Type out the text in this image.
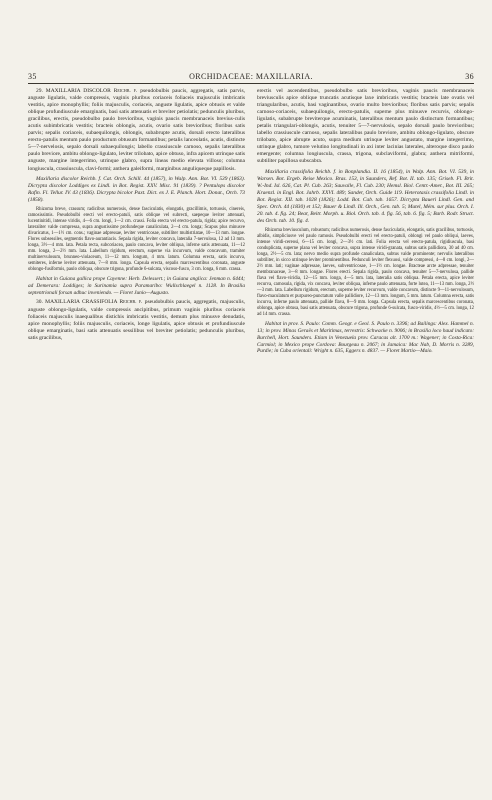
35	ORCHIDACEAE: MAXILLARIA.	36

29. MAXILLARIA DISCOLOR Reichb. f. pseudobulbis paucis, aggregatis, satis parvis, anguste ligulatis, valde compressis, vaginis pluribus coriaceis foliaceis majusculis imbricatis vestitis, apice monophyllis; foliis majusculis, coriaceis, anguste ligulatis, apice obtusis et valde oblique profundiuscule emarginatis, basi satis attenuatis et breviter petiolatis; pedunculis pluribus, gracilibus, erectis, pseudobulbo paulo brevioribus, vaginis paucis membranaceis brevius-culis acutis subimbricatis vestitis; bracteis oblongis, acutis, ovario satis brevioribus; floribus satis parvis; sepalis coriaceis, subaequilongis, oblongis, subabrupte acutis, dorsali erecto lateralibus erecto-patulis mentum paulo productum obtusum formantibus; petalis lanceolatis, acutis, distincte 5—7-nervelosis, sepalo dorsali subaequilongis; labello crassiuscule carnoso, sepalis lateralibus paulo breviore, ambitu oblongo-ligulato, leviter trilobato, apice obtuso, infra apicem utrinque satis anguste, margine integerrimo, utrinque glabro, supra lineas medio elevata villoso; columna longiuscula, crassiuscula, clavi-formi; anthera galeiformi, marginibus anguliqueque papillosis.

Maxillaria discolor Reichb. f. Cat. Orch. Schill. 44 (1857), in Walp. Ann. Bot. VI. 539 (1863). Dicrypta discolor Loddiges ex Lindl. in Bot. Regist. XXV. Misc. 91 (1839). ? Pentulops discolor Rafin. Fl. Tellur. IV. 43 (1836). Dicrypta bicolor Paxt. Dict. ex J. E. Planch. Hort. Donat., Orch. 73 (1858).

Rhizoma breve, crassum; radicibus numerosis, dense fasciculatis, elongatis, gracillimis, tortuosis, cinereis, ramosissimis. Pseudobulbi erecti vel erecto-patuli, satis oblique vel subrecti, saepeque leviter attenuati, lucentinitidi, intense viridis, 4—6 cm. longi, 1—2 cm. crassi. Folia erecta vel erecto-patula, rigida; apice recurvo, lateraliter valde compressa, supra angustissime profundeque canaliculata, 2—4 cm. longa; Scapus plus minusve divaricatus, 1—1½ cm. cons.; vaginae adpressae, leviter ventricosae, subtiliter multistriatae, 10—13 mm. longae. Flores subsessiles, segmentis flavo-aurantiacis. Sepala rigida, leviter concava, lateralia 7-nervulosa, 12 ad 13 mm. longa, 3½—4 mm. lata. Petala recta, subcoriacea, paulo concava, leviter obliqua, inferne satis attenuata, 11—12 mm. longa, 2—2½ mm. lata. Labellum rigidum, erectum, superne via incurvum, valde concavum, tramiter multinervulosum, brunneo-violaceum, 11—12 mm. longum, 4 mm. latum. Columna erecta, satis incurva, semiteres, inferne leviter attenuata, 7—8 mm. longa. Capsula erecta, sepalis marcescentibus coronata, anguste oblongo-fusiformis, paulo obliqua, obscure trigona, profunde 6-sulcata, viscoso-fusco, 3 cm. longa, 6 mm. crassa.

Habitat in Guiana gallica prope Cayenne: Herb. Delessert.; in Guiana anglica: Jenman n. 6444; ad Demerara: Loddiges; in Surinamia supra Paramaribo: Wullschlaegel n. 1128. In Brasilia septentrionali forsan adhuc inveniendo. — Floret Junio—Augusto.

30. MAXILLARIA CRASSIFOLIA Reichb. f. pseudobulbis paucis, aggregatis, majusculis, anguste oblongo-ligulatis, valde compressis ancipitibus, primum vaginis pluribus coriaceis foliaceis majusculis inaequalibus distichis imbricatis vestitis, demum plus minusve denudatis, apice monophyllis; foliis majusculis, coriaceis, longe ligulatis, apice obtusis et profundiuscule oblique emarginatis, basi satis attenuatis sessilibus vel breviter petiolatis; pedunculis pluribus, satis gracilibus,

erectis vel ascendentibus, pseudobulbo satis brevioribus, vaginis paucis membranaceis breviusculis apice oblique truncatis acutisque laxe imbricatis vestitis; bracteis late ovatis vel triangularibus, acutis, basi vaginantibus, ovario multo brevioribus; floribus satis parvis; sepalis carnoso-coriaceis, subaequilongis, erecto-patulis, superne plus minusve recurvis, oblongo-ligulatis, subabrupte breviterque acuminatis, lateralibus mentum paulo distinctum formantibus; petalis triangulari-oblongis, acutis, tenuiter 5—7-nervulosis, sepalo dorsali paulo brevioribus; labello crassiuscule carnoso, sepalis lateralibus paulo breviore, ambitu oblongo-ligulato, obscure trilobato, apice abrupte acuto, supra medium utrinque leviter angustato, margine integerrimo, utrinque glabro, tumore velutino longitudinali in axi inter lacinias laterales, alteroque disco paulo emergente; columna longiuscula, crassa, trigona, subclaviformi, glabra; anthera mitriformi, subtiliter papillosa subscabra.

Maxillaria crassifolia Reichb. f. in Bonplandia. II. 16 (1854), in Walp. Ann. Bot. VI. 539, in Warsen. Bot. Ergeb. Reise Mexico. Bras. 153, in Saunders, Ref. Bot. II. tab. 135; Griseb. Fl. Brit. W.-Ind. Isl. 626, Cat. Pl. Cub. 263; Sauvalle, Fl. Cub. 230; Hemsl. Biol. Centr.-Amer., Bot. III. 265; Kraenzl. in Engl. Bot. Jahrb. XXVI. 489; Sander, Orch. Guide 119. Heterotaxis crassifolia Lindl. in Bot. Regist. XII. tab. 1028 (1826); Lodd. Bot. Cab. tab. 1657. Dicrypta Baueri Lindl. Gen. and Spec. Orch. 44 (1830) et 152; Bauer & Lindl. Ill. Orch., Gen. tab. 5; Mutel, Mém. sur plus. Orch. I. 20. tab. 4. fig. 24; Bear, Beitr. Morph. u. Biol. Orch. tab. 4. fig. 56, tab. 6. fig. 5; Barb. Rodr. Struct. des Orch. tab. 10. fig. 4.

Rhizoma breviusculum, robustum; radicibus numerosis, dense fasciculatis, elongatis, satis gracilibus, tortuosis, albidis, simpliciusve vel paulo ramosis. Pseudobulbi erecti vel erecto-patuli, oblongi vel paulo obliqui, laeves, intense viridi-cereosi, 6—15 cm. longi, 2—3½ cm. lati. Folia erecta vel erecto-patula, rigidiuscula, basi conduplicata, superne plana vel leviter concava, supra intense viridi-granata, subtus satis pallidiora, 30 ad 40 cm. longa, 2½—5 cm. lata; nervo medio supra profunde canaliculata, subtus valde prominente; nervulis lateralibus subtiliter, in sicco utrinque leviter prominentibus. Pedunculi leviter flexuosi, valde compressi, 4—8 cm. longi, 2—2½ mm. lati; vaginae adpressae, laeves, subventricosae, 1—1½ cm. longae. Bracteae arcte adpressae, tenuiter membranaceae, 3—8 mm. longae. Flores erecti. Sepala rigida, paulo concava, tenuiter 5—7-nervulosa, pallide flava vel flavo-viridia, 12—15 mm. longa, 4—5 mm. lata, lateralia satis obliqua. Petala erecta, apice leviter recurva, carnosula, rigida, vix concava, leviter obliqua, inferne paulo attenuata, forte lutea, 11—13 mm. longa, 2½—3 mm. lata. Labellum rigidum, erectum, superne leviter recurvum, valde concavum, distincte 9—11-nervulosum, flavo-maculatum et purpureo-punctatum valle pallidiore, 12—13 mm. longum, 5 mm. latum. Columna erecta, satis incurva, inferne paulo attenuata, pallide flava, 8—9 mm. longa. Capsula erecta, sepalis marcescentibus coronata, oblonga, apice obtusa, basi satis attenuata, obscure trigona, profunde 6-sulcata, fusco-viridis, 4½—5 cm. longa, 12 ad 14 mm. crassa.

Habitat in prov. S. Paulo: Comm. Geogr. e Geol. S. Paulo n. 3396; ad Bailings: Alex. Hammel n. 13; in prov. Minas Geraës et Maritimas, terrestris: Schwacke n. 9006; in Brasilia loco haud indicato: Burchell, Hort. Saunders. Etiam in Venezuela prov. Caracas alt. 1700 m.: Wagener; in Costa-Rica: Carmiol; in Mexico prope Cordova: Bourgeau n. 2067; in Jamaica: Mac Nab, D. Morris n. 3289, Purdie; in Cuba orientali: Wright n. 635, Eggers n. 4837. — Floret Martio—Maio.
